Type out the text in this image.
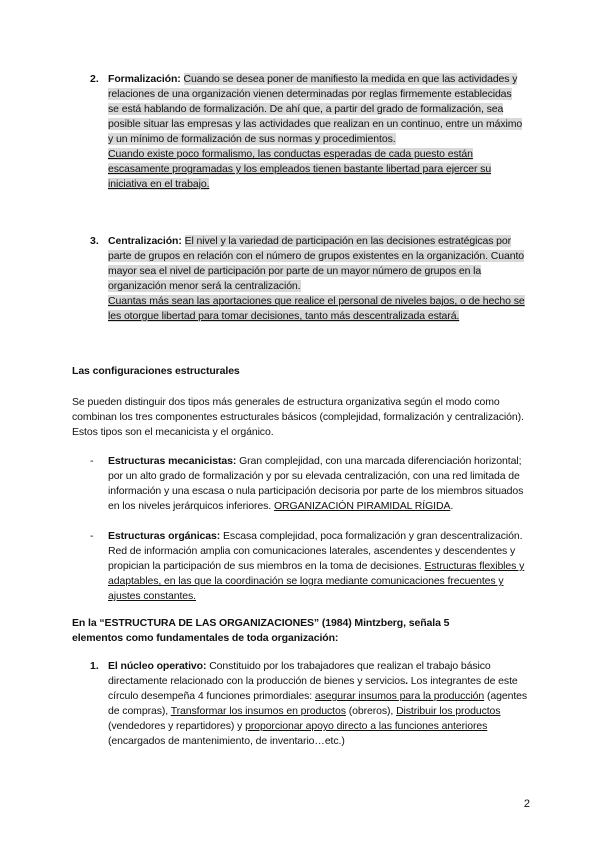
2. Formalización: Cuando se desea poner de manifiesto la medida en que las actividades y relaciones de una organización vienen determinadas por reglas firmemente establecidas se está hablando de formalización. De ahí que, a partir del grado de formalización, sea posible situar las empresas y las actividades que realizan en un continuo, entre un máximo y un mínimo de formalización de sus normas y procedimientos.
Cuando existe poco formalismo, las conductas esperadas de cada puesto están escasamente programadas y los empleados tienen bastante libertad para ejercer su iniciativa en el trabajo.
3. Centralización: El nivel y la variedad de participación en las decisiones estratégicas por parte de grupos en relación con el número de grupos existentes en la organización. Cuanto mayor sea el nivel de participación por parte de un mayor número de grupos en la organización menor será la centralización.
Cuantas más sean las aportaciones que realice el personal de niveles bajos, o de hecho se les otorgue libertad para tomar decisiones, tanto más descentralizada estará.
Las configuraciones estructurales
Se pueden distinguir dos tipos más generales de estructura organizativa según el modo como combinan los tres componentes estructurales básicos (complejidad, formalización y centralización). Estos tipos son el mecanicista y el orgánico.
- Estructuras mecanicistas: Gran complejidad, con una marcada diferenciación horizontal; por un alto grado de formalización y por su elevada centralización, con una red limitada de información y una escasa o nula participación decisoria por parte de los miembros situados en los niveles jerárquicos inferiores. ORGANIZACIÓN PIRAMIDAL RÍGIDA.
- Estructuras orgánicas: Escasa complejidad, poca formalización y gran descentralización. Red de información amplia con comunicaciones laterales, ascendentes y descendentes y propician la participación de sus miembros en la toma de decisiones. Estructuras flexibles y adaptables, en las que la coordinación se logra mediante comunicaciones frecuentes y ajustes constantes.
En la “ESTRUCTURA DE LAS ORGANIZACIONES” (1984) Mintzberg, señala 5 elementos como fundamentales de toda organización:
1. El núcleo operativo: Constituido por los trabajadores que realizan el trabajo básico directamente relacionado con la producción de bienes y servicios. Los integrantes de este círculo desempeña 4 funciones primordiales: asegurar insumos para la producción (agentes de compras), Transformar los insumos en productos (obreros), Distribuir los productos (vendedores y repartidores) y proporcionar apoyo directo a las funciones anteriores (encargados de mantenimiento, de inventario…etc.)
2
